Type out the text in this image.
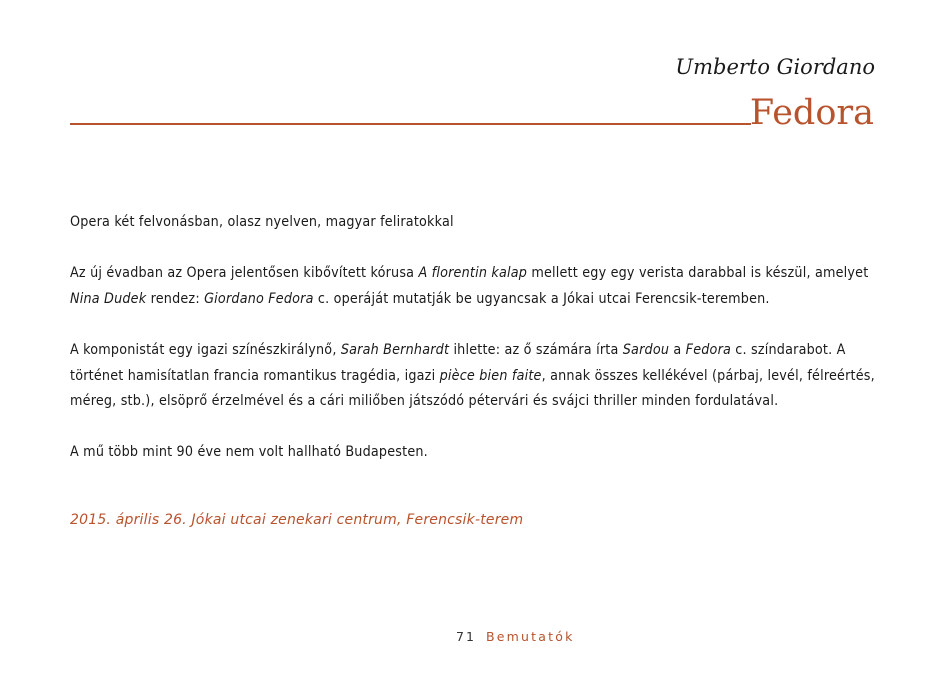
Umberto Giordano
Fedora

Opera két felvonásban, olasz nyelven, magyar feliratokkal

Az új évadban az Opera jelentősen kibővített kórusa A florentin kalap mellett egy egy verista darabbal is készül, amelyet Nina Dudek rendez: Giordano Fedora c. operáját mutatják be ugyancsak a Jókai utcai Ferencsik-teremben.

A komponistát egy igazi színészkirálynő, Sarah Bernhardt ihlette: az ő számára írta Sardou a Fedora c. színdarabot. A történet hamisítatlan francia romantikus tragédia, igazi pièce bien faite, annak összes kellékével (párbaj, levél, félreértés, méreg, stb.), elsöprő érzelmével és a cári miliőben játszódó pétervári és svájci thriller minden fordulatával.

A mű több mint 90 éve nem volt hallható Budapesten.

2015. április 26. Jókai utcai zenekari centrum, Ferencsik-terem
71 Bemutatók
